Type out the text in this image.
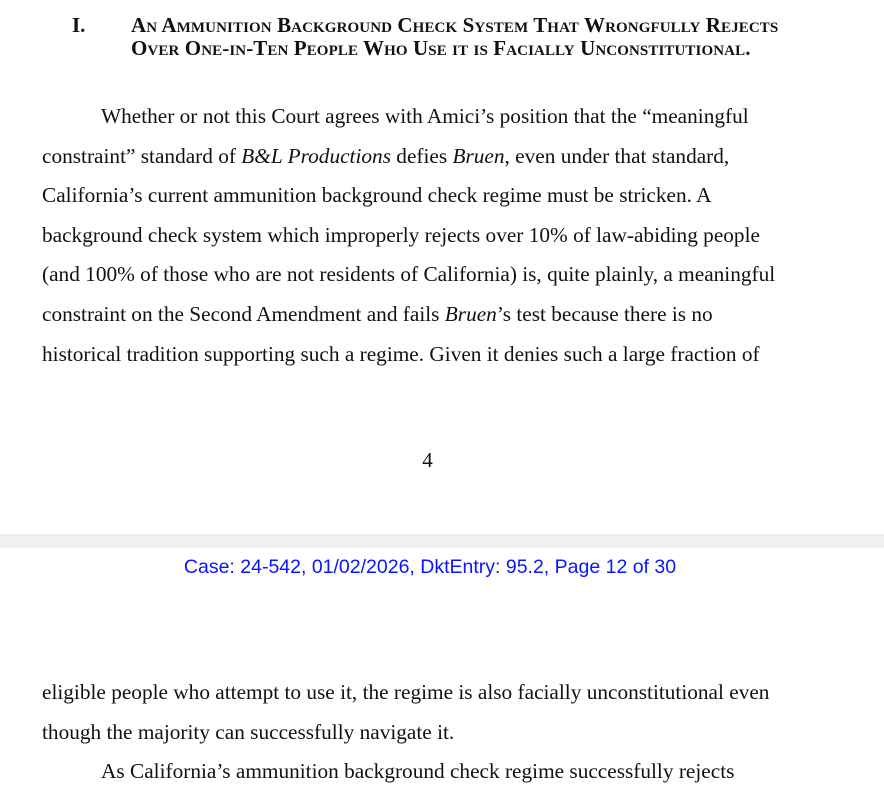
I. An Ammunition Background Check System That Wrongfully Rejects Over One-in-Ten People Who Use it is Facially Unconstitutional.
Whether or not this Court agrees with Amici’s position that the “meaningful
constraint” standard of B&L Productions defies Bruen, even under that standard,
California’s current ammunition background check regime must be stricken. A
background check system which improperly rejects over 10% of law-abiding people
(and 100% of those who are not residents of California) is, quite plainly, a meaningful
constraint on the Second Amendment and fails Bruen’s test because there is no
historical tradition supporting such a regime. Given it denies such a large fraction of
4
Case: 24-542, 01/02/2026, DktEntry: 95.2, Page 12 of 30
eligible people who attempt to use it, the regime is also facially unconstitutional even
though the majority can successfully navigate it.
As California’s ammunition background check regime successfully rejects
